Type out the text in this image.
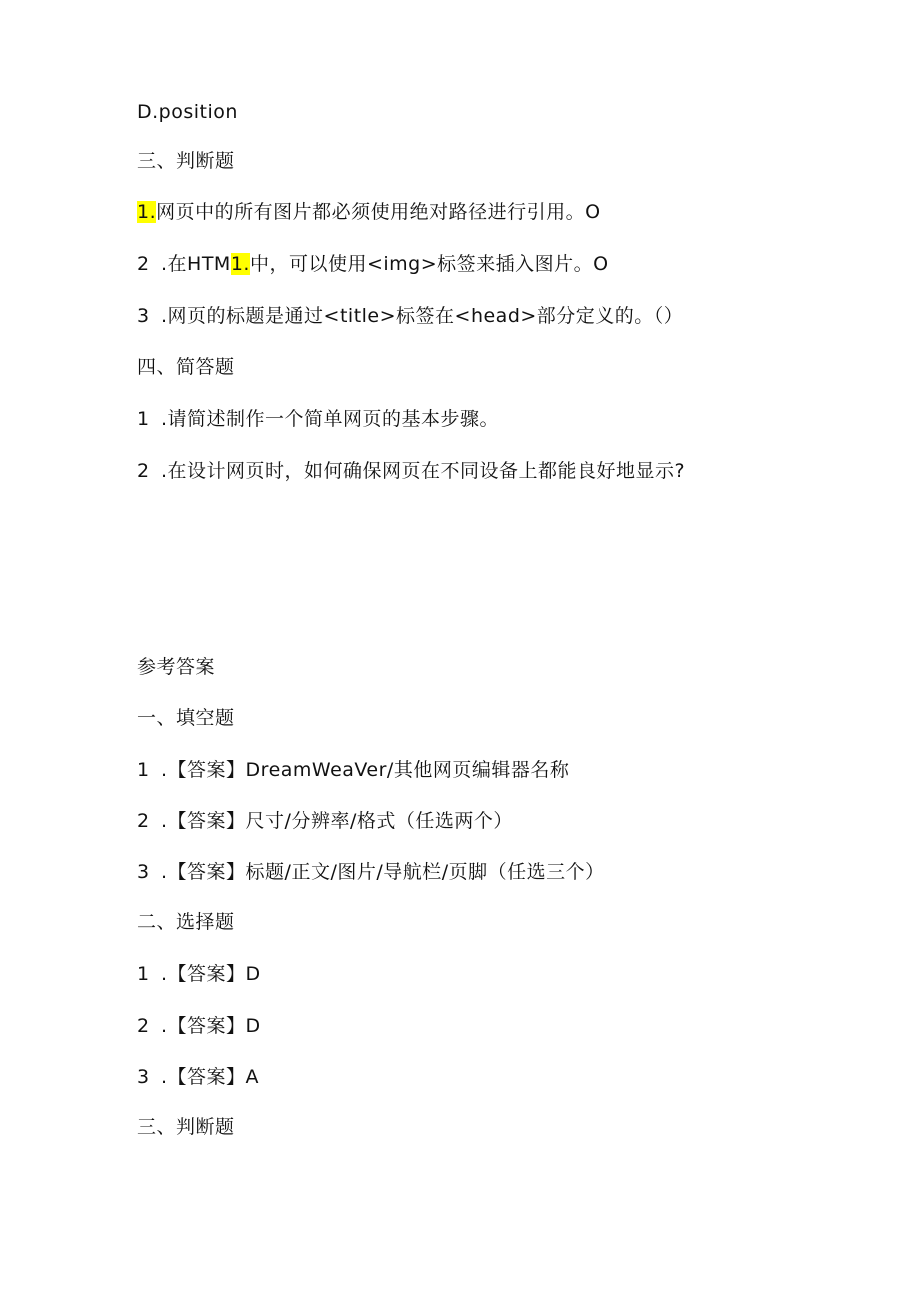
D.position
三、判断题
1.网页中的所有图片都必须使用绝对路径进行引用。O
2 .在HTM1.中，可以使用<img>标签来插入图片。O
3 .网页的标题是通过<title>标签在<head>部分定义的。（）
四、简答题
1 .请简述制作一个简单网页的基本步骤。
2 .在设计网页时，如何确保网页在不同设备上都能良好地显示?
参考答案
一、填空题
1 .【答案】DreamWeaVer/其他网页编辑器名称
2 .【答案】尺寸/分辨率/格式（任选两个）
3 .【答案】标题/正文/图片/导航栏/页脚（任选三个）
二、选择题
1 .【答案】D
2 .【答案】D
3 .【答案】A
三、判断题
